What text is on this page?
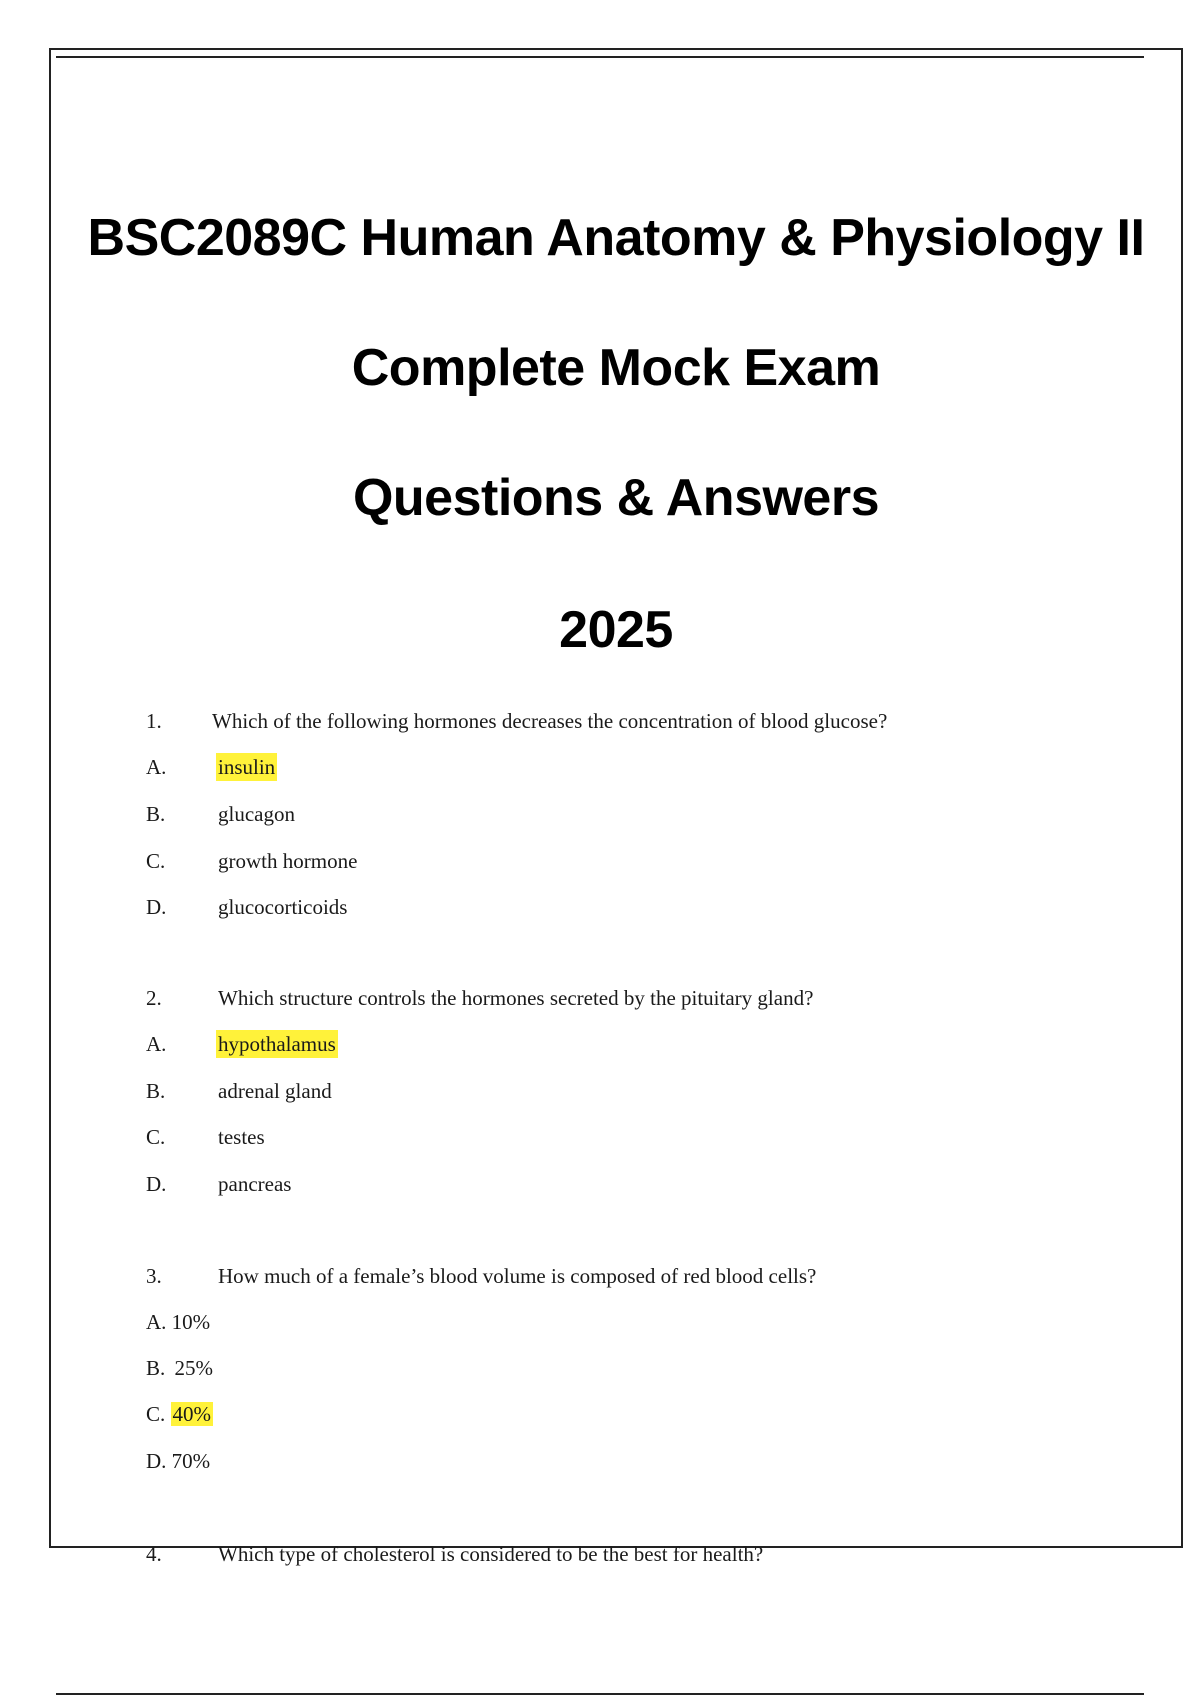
BSC2089C Human Anatomy & Physiology II
Complete Mock Exam
Questions & Answers
2025
1. Which of the following hormones decreases the concentration of blood glucose?
A. insulin
B.	glucagon
C.	growth hormone
D. glucocorticoids
2.	Which structure controls the hormones secreted by the pituitary gland?
A. hypothalamus
B.	adrenal gland
C.	testes
D. pancreas
3.	How much of a female’s blood volume is composed of red blood cells?
A. 10%
B. 25%
C. 40%
D. 70%
4.	Which type of cholesterol is considered to be the best for health?
